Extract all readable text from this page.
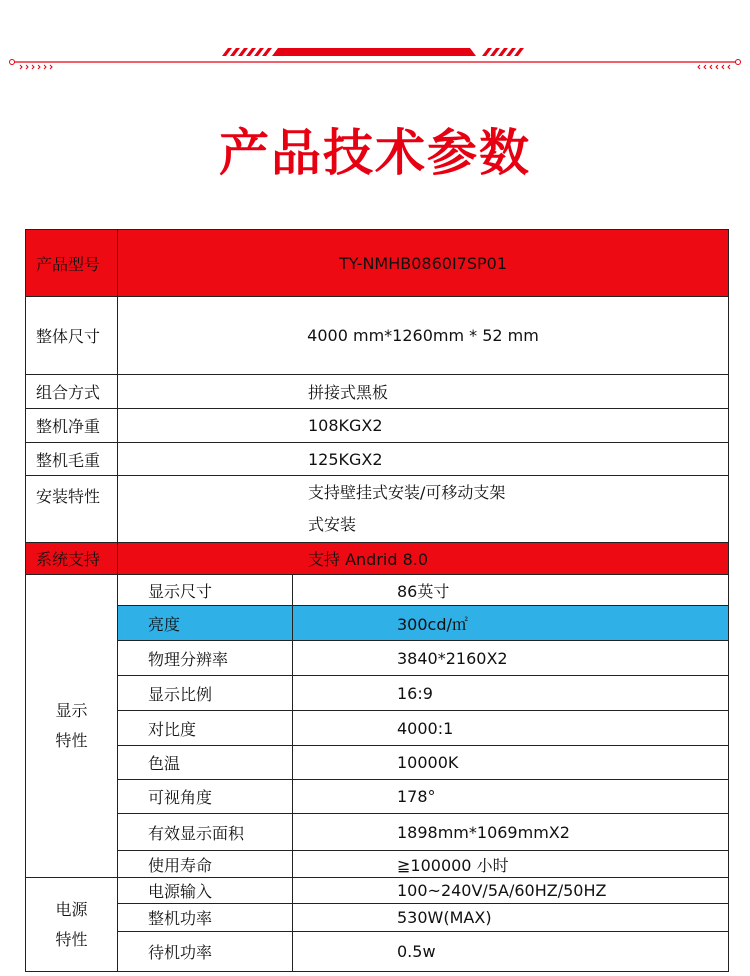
产品技术参数
产品型号	TY-NMHB0860I7SP01	
整体尺寸	4000 mm*1260mm * 52 mm	
组合方式	拼接式黑板	
整机净重	108KGX2	
整机毛重	125KGX2	
安装特性	支持壁挂式安装/可移动支架
式安装	
系统支持	支持 Andrid 8.0	
显示
特性	显示尺寸	86英寸
	亮度	300cd/㎡
	物理分辨率	3840*2160X2
	显示比例	16:9
	对比度	4000:1
	色温	10000K
	可视角度	178°
	有效显示面积	1898mm*1069mmX2
	使用寿命	≧100000 小时
电源
特性	电源输入	100~240V/5A/60HZ/50HZ
	整机功率	530W(MAX)
	待机功率	0.5w
